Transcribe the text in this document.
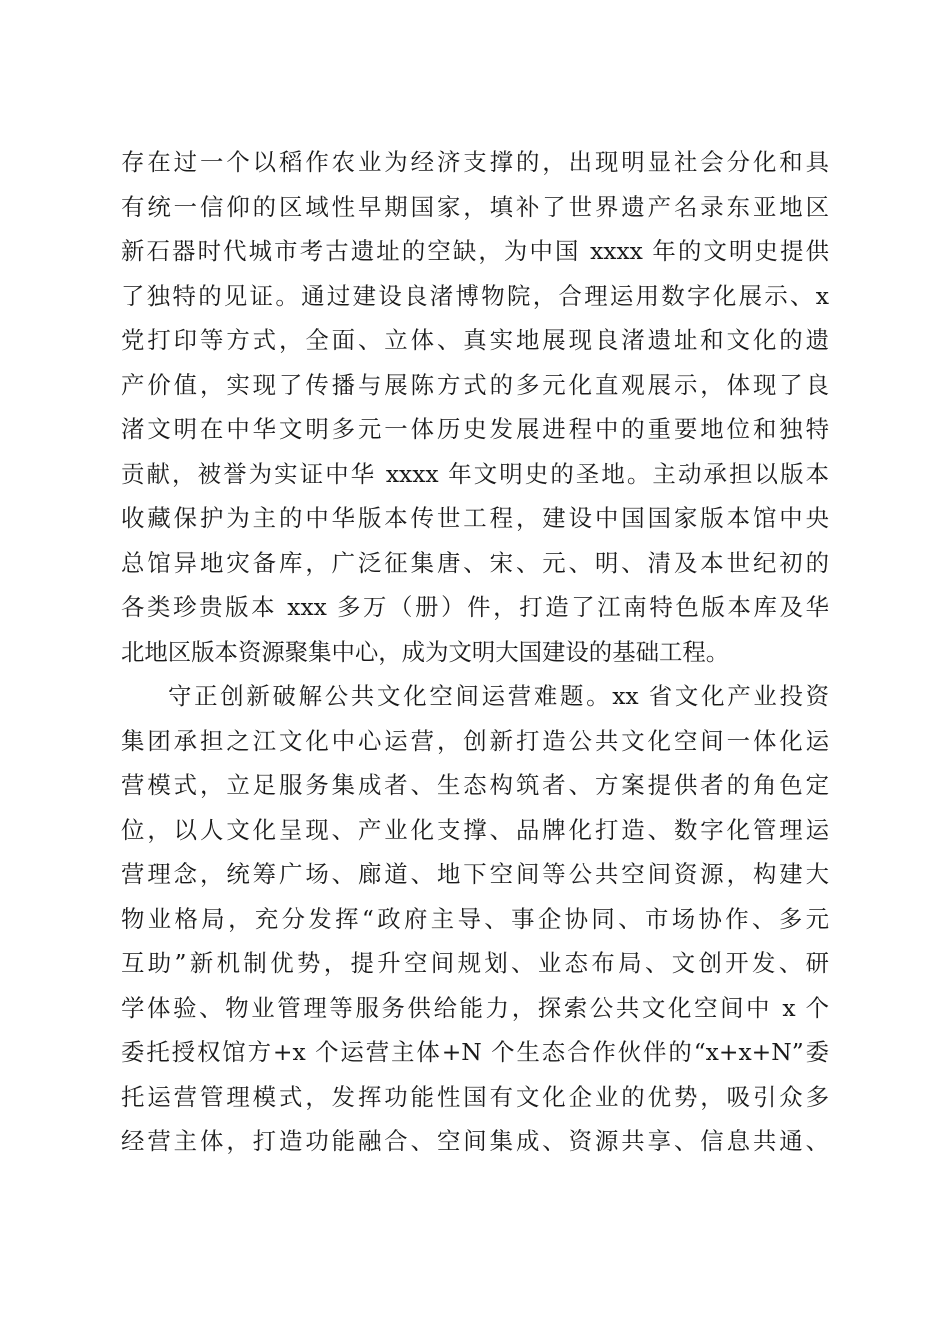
存在过一个以稻作农业为经济支撑的，出现明显社会分化和具
有统一信仰的区域性早期国家，填补了世界遗产名录东亚地区
新石器时代城市考古遗址的空缺，为中国 xxxx 年的文明史提供
了独特的见证。通过建设良渚博物院，合理运用数字化展示、x
党打印等方式，全面、立体、真实地展现良渚遗址和文化的遗
产价值，实现了传播与展陈方式的多元化直观展示，体现了良
渚文明在中华文明多元一体历史发展进程中的重要地位和独特
贡献，被誉为实证中华 xxxx 年文明史的圣地。主动承担以版本
收藏保护为主的中华版本传世工程，建设中国国家版本馆中央
总馆异地灾备库，广泛征集唐、宋、元、明、清及本世纪初的
各类珍贵版本 xxx 多万（册）件，打造了江南特色版本库及华
北地区版本资源聚集中心，成为文明大国建设的基础工程。
守正创新破解公共文化空间运营难题。xx 省文化产业投资
集团承担之江文化中心运营，创新打造公共文化空间一体化运
营模式，立足服务集成者、生态构筑者、方案提供者的角色定
位，以人文化呈现、产业化支撑、品牌化打造、数字化管理运
营理念，统筹广场、廊道、地下空间等公共空间资源，构建大
物业格局，充分发挥“政府主导、事企协同、市场协作、多元
互助”新机制优势，提升空间规划、业态布局、文创开发、研
学体验、物业管理等服务供给能力，探索公共文化空间中 x 个
委托授权馆方+x 个运营主体+N 个生态合作伙伴的“x+x+N”委
托运营管理模式，发挥功能性国有文化企业的优势，吸引众多
经营主体，打造功能融合、空间集成、资源共享、信息共通、
